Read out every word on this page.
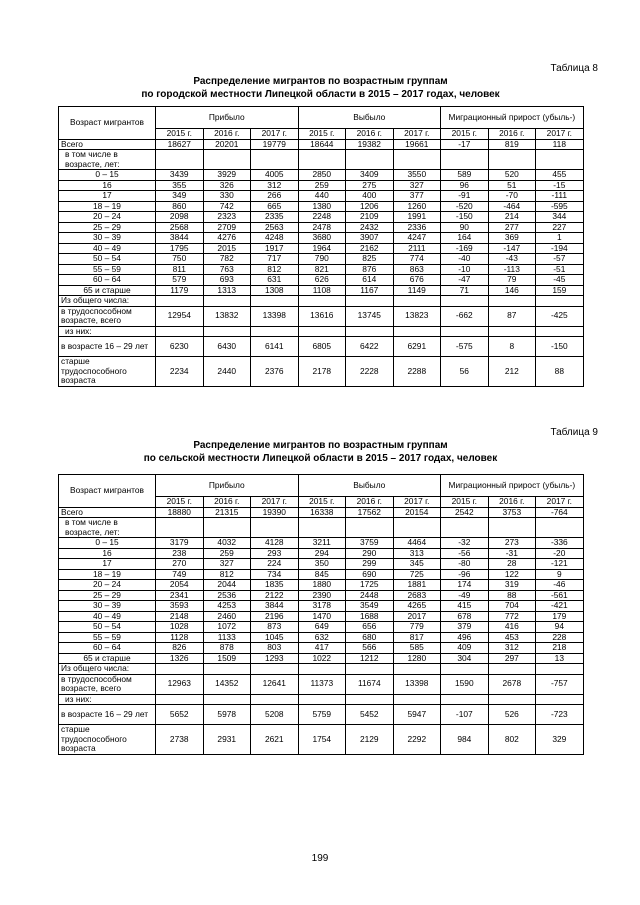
Таблица 8
Распределение мигрантов по возрастным группам
по городской местности Липецкой области в 2015 – 2017 годах, человек
Возраст мигрантов	Прибыло			Выбыло			Миграционный прирост (убыль-)		
	2015 г.	2016 г.	2017 г.	2015 г.	2016 г.	2017 г.	2015 г.	2016 г.	2017 г.
Всего	18627	20201	19779	18644	19382	19661	-17	819	118
в том числе в возрасте, лет:									
0 – 15	3439	3929	4005	2850	3409	3550	589	520	455
16	355	326	312	259	275	327	96	51	-15
17	349	330	266	440	400	377	-91	-70	-111
18 – 19	860	742	665	1380	1206	1260	-520	-464	-595
20 – 24	2098	2323	2335	2248	2109	1991	-150	214	344
25 – 29	2568	2709	2563	2478	2432	2336	90	277	227
30 – 39	3844	4276	4248	3680	3907	4247	164	369	1
40 – 49	1795	2015	1917	1964	2162	2111	-169	-147	-194
50 – 54	750	782	717	790	825	774	-40	-43	-57
55 – 59	811	763	812	821	876	863	-10	-113	-51
60 – 64	579	693	631	626	614	676	-47	79	-45
65 и старше	1179	1313	1308	1108	1167	1149	71	146	159
Из общего числа:									
в трудоспособном возрасте, всего	12954	13832	13398	13616	13745	13823	-662	87	-425
из них:									
в возрасте 16 – 29 лет	6230	6430	6141	6805	6422	6291	-575	8	-150
старше трудоспособного возраста	2234	2440	2376	2178	2228	2288	56	212	88
Таблица 9
Распределение мигрантов по возрастным группам
по сельской местности Липецкой области в 2015 – 2017 годах, человек
Возраст мигрантов	Прибыло			Выбыло			Миграционный прирост (убыль-)		
	2015 г.	2016 г.	2017 г.	2015 г.	2016 г.	2017 г.	2015 г.	2016 г.	2017 г.
Всего	18880	21315	19390	16338	17562	20154	2542	3753	-764
в том числе в возрасте, лет:									
0 – 15	3179	4032	4128	3211	3759	4464	-32	273	-336
16	238	259	293	294	290	313	-56	-31	-20
17	270	327	224	350	299	345	-80	28	-121
18 – 19	749	812	734	845	690	725	-96	122	9
20 – 24	2054	2044	1835	1880	1725	1881	174	319	-46
25 – 29	2341	2536	2122	2390	2448	2683	-49	88	-561
30 – 39	3593	4253	3844	3178	3549	4265	415	704	-421
40 – 49	2148	2460	2196	1470	1688	2017	678	772	179
50 – 54	1028	1072	873	649	656	779	379	416	94
55 – 59	1128	1133	1045	632	680	817	496	453	228
60 – 64	826	878	803	417	566	585	409	312	218
65 и старше	1326	1509	1293	1022	1212	1280	304	297	13
Из общего числа:									
в трудоспособном возрасте, всего	12963	14352	12641	11373	11674	13398	1590	2678	-757
из них:									
в возрасте 16 – 29 лет	5652	5978	5208	5759	5452	5947	-107	526	-723
старше трудоспособного возраста	2738	2931	2621	1754	2129	2292	984	802	329
199
